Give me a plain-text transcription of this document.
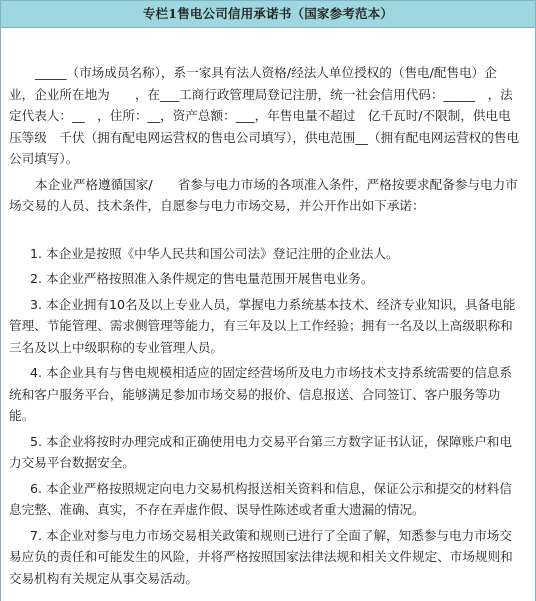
专栏1售电公司信用承诺书（国家参考范本）

_____（市场成员名称），系一家具有法人资格/经法人单位授权的（售电/配售电）企业，企业所在地为　　，在___工商行政管理局登记注册，统一社会信用代码：_____　，法定代表人：__　，住所：__，资产总额：___，年售电量不超过　亿千瓦时/不限制，供电电压等级　千伏（拥有配电网运营权的售电公司填写），供电范围__（拥有配电网运营权的售电公司填写）。

本企业严格遵循国家/　　省参与电力市场的各项准入条件，严格按要求配备参与电力市场交易的人员、技术条件，自愿参与电力市场交易，并公开作出如下承诺：

1. 本企业是按照《中华人民共和国公司法》登记注册的企业法人。

2. 本企业严格按照准入条件规定的售电量范围开展售电业务。

3. 本企业拥有10名及以上专业人员，掌握电力系统基本技术、经济专业知识，具备电能管理、节能管理、需求侧管理等能力，有三年及以上工作经验；拥有一名及以上高级职称和三名及以上中级职称的专业管理人员。

4. 本企业具有与售电规模相适应的固定经营场所及电力市场技术支持系统需要的信息系统和客户服务平台，能够满足参加市场交易的报价、信息报送、合同签订、客户服务等功能。

5. 本企业将按时办理完成和正确使用电力交易平台第三方数字证书认证，保障账户和电力交易平台数据安全。

6. 本企业严格按照规定向电力交易机构报送相关资料和信息，保证公示和提交的材料信息完整、准确、真实，不存在弄虚作假、误导性陈述或者重大遗漏的情况。

7. 本企业对参与电力市场交易相关政策和规则已进行了全面了解，知悉参与电力市场交易应负的责任和可能发生的风险，并将严格按照国家法律法规和相关文件规定、市场规则和交易机构有关规定从事交易活动。
